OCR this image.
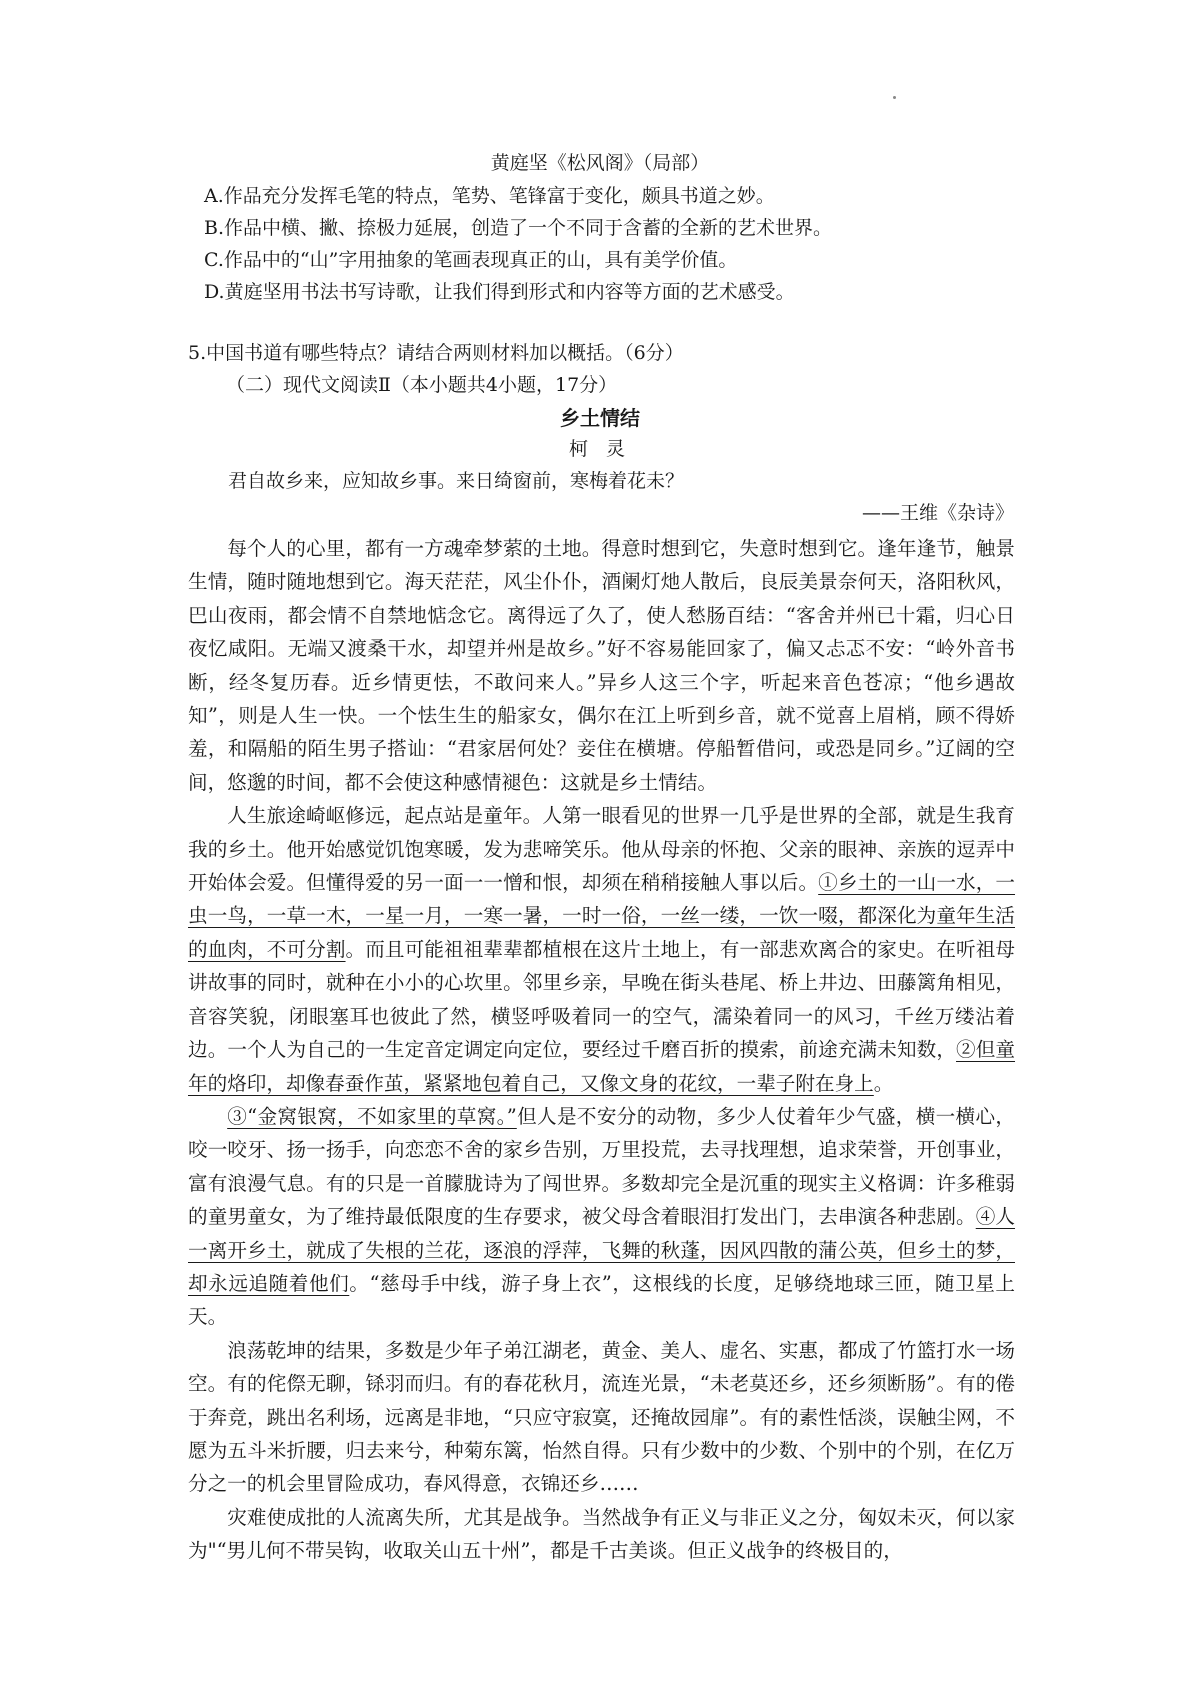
黄庭坚《松风阁》（局部）
A.作品充分发挥毛笔的特点，笔势、笔锋富于变化，颇具书道之妙。
B.作品中横、撇、捺极力延展，创造了一个不同于含蓄的全新的艺术世界。
C.作品中的“山”字用抽象的笔画表现真正的山，具有美学价值。
D.黄庭坚用书法书写诗歌，让我们得到形式和内容等方面的艺术感受。
5.中国书道有哪些特点？请结合两则材料加以概括。（6分）
（二）现代文阅读Ⅱ（本小题共4小题，17分）
乡土情结
柯 灵
君自故乡来，应知故乡事。来日绮窗前，寒梅着花未？
——王维《杂诗》

每个人的心里，都有一方魂牵梦萦的土地。得意时想到它，失意时想到它。逢年逢节，触景生情，随时随地想到它。海天茫茫，风尘仆仆，酒阑灯灺人散后，良辰美景奈何天，洛阳秋风，巴山夜雨，都会情不自禁地惦念它。离得远了久了，使人愁肠百结：“客舍并州已十霜，归心日夜忆咸阳。无端又渡桑干水，却望并州是故乡。”好不容易能回家了，偏又忐忑不安：“岭外音书断，经冬复历春。近乡情更怯，不敢问来人。”异乡人这三个字，听起来音色苍凉；“他乡遇故知”，则是人生一快。一个怯生生的船家女，偶尔在江上听到乡音，就不觉喜上眉梢，顾不得娇羞，和隔船的陌生男子搭讪：“君家居何处？妾住在横塘。停船暂借问，或恐是同乡。”辽阔的空间，悠邈的时间，都不会使这种感情褪色：这就是乡土情结。

人生旅途崎岖修远，起点站是童年。人第一眼看见的世界一几乎是世界的全部，就是生我育我的乡土。他开始感觉饥饱寒暖，发为悲啼笑乐。他从母亲的怀抱、父亲的眼神、亲族的逗弄中开始体会爱。但懂得爱的另一面一一憎和恨，却须在稍稍接触人事以后。①乡土的一山一水，一虫一鸟，一草一木，一星一月，一寒一暑，一时一俗，一丝一缕，一饮一啜，都深化为童年生活的血肉，不可分割。而且可能祖祖辈辈都植根在这片土地上，有一部悲欢离合的家史。在听祖母讲故事的同时，就种在小小的心坎里。邻里乡亲，早晚在街头巷尾、桥上井边、田藤篱角相见，音容笑貌，闭眼塞耳也彼此了然，横竖呼吸着同一的空气，濡染着同一的风习，千丝万缕沾着边。一个人为自己的一生定音定调定向定位，要经过千磨百折的摸索，前途充满未知数，②但童年的烙印，却像春蚕作茧，紧紧地包着自己，又像文身的花纹，一辈子附在身上。

③“金窝银窝，不如家里的草窝。”但人是不安分的动物，多少人仗着年少气盛，横一横心，咬一咬牙、扬一扬手，向恋恋不舍的家乡告别，万里投荒，去寻找理想，追求荣誉，开创事业，富有浪漫气息。有的只是一首朦胧诗为了闯世界。多数却完全是沉重的现实主义格调：许多稚弱的童男童女，为了维持最低限度的生存要求，被父母含着眼泪打发出门，去串演各种悲剧。④人一离开乡土，就成了失根的兰花，逐浪的浮萍，飞舞的秋蓬，因风四散的蒲公英，但乡土的梦，却永远追随着他们。“慈母手中线，游子身上衣”，这根线的长度，足够绕地球三匝，随卫星上天。

浪荡乾坤的结果，多数是少年子弟江湖老，黄金、美人、虚名、实惠，都成了竹篮打水一场空。有的侘傺无聊，铩羽而归。有的春花秋月，流连光景，“未老莫还乡，还乡须断肠”。有的倦于奔竞，跳出名利场，远离是非地，“只应守寂寞，还掩故园扉”。有的素性恬淡，误触尘网，不愿为五斗米折腰，归去来兮，种菊东篱，怡然自得。只有少数中的少数、个别中的个别，在亿万分之一的机会里冒险成功，春风得意，衣锦还乡……

灾难使成批的人流离失所，尤其是战争。当然战争有正义与非正义之分，匈奴未灭，何以家为"“男儿何不带吴钩，收取关山五十州”，都是千古美谈。但正义战争的终极目的，
